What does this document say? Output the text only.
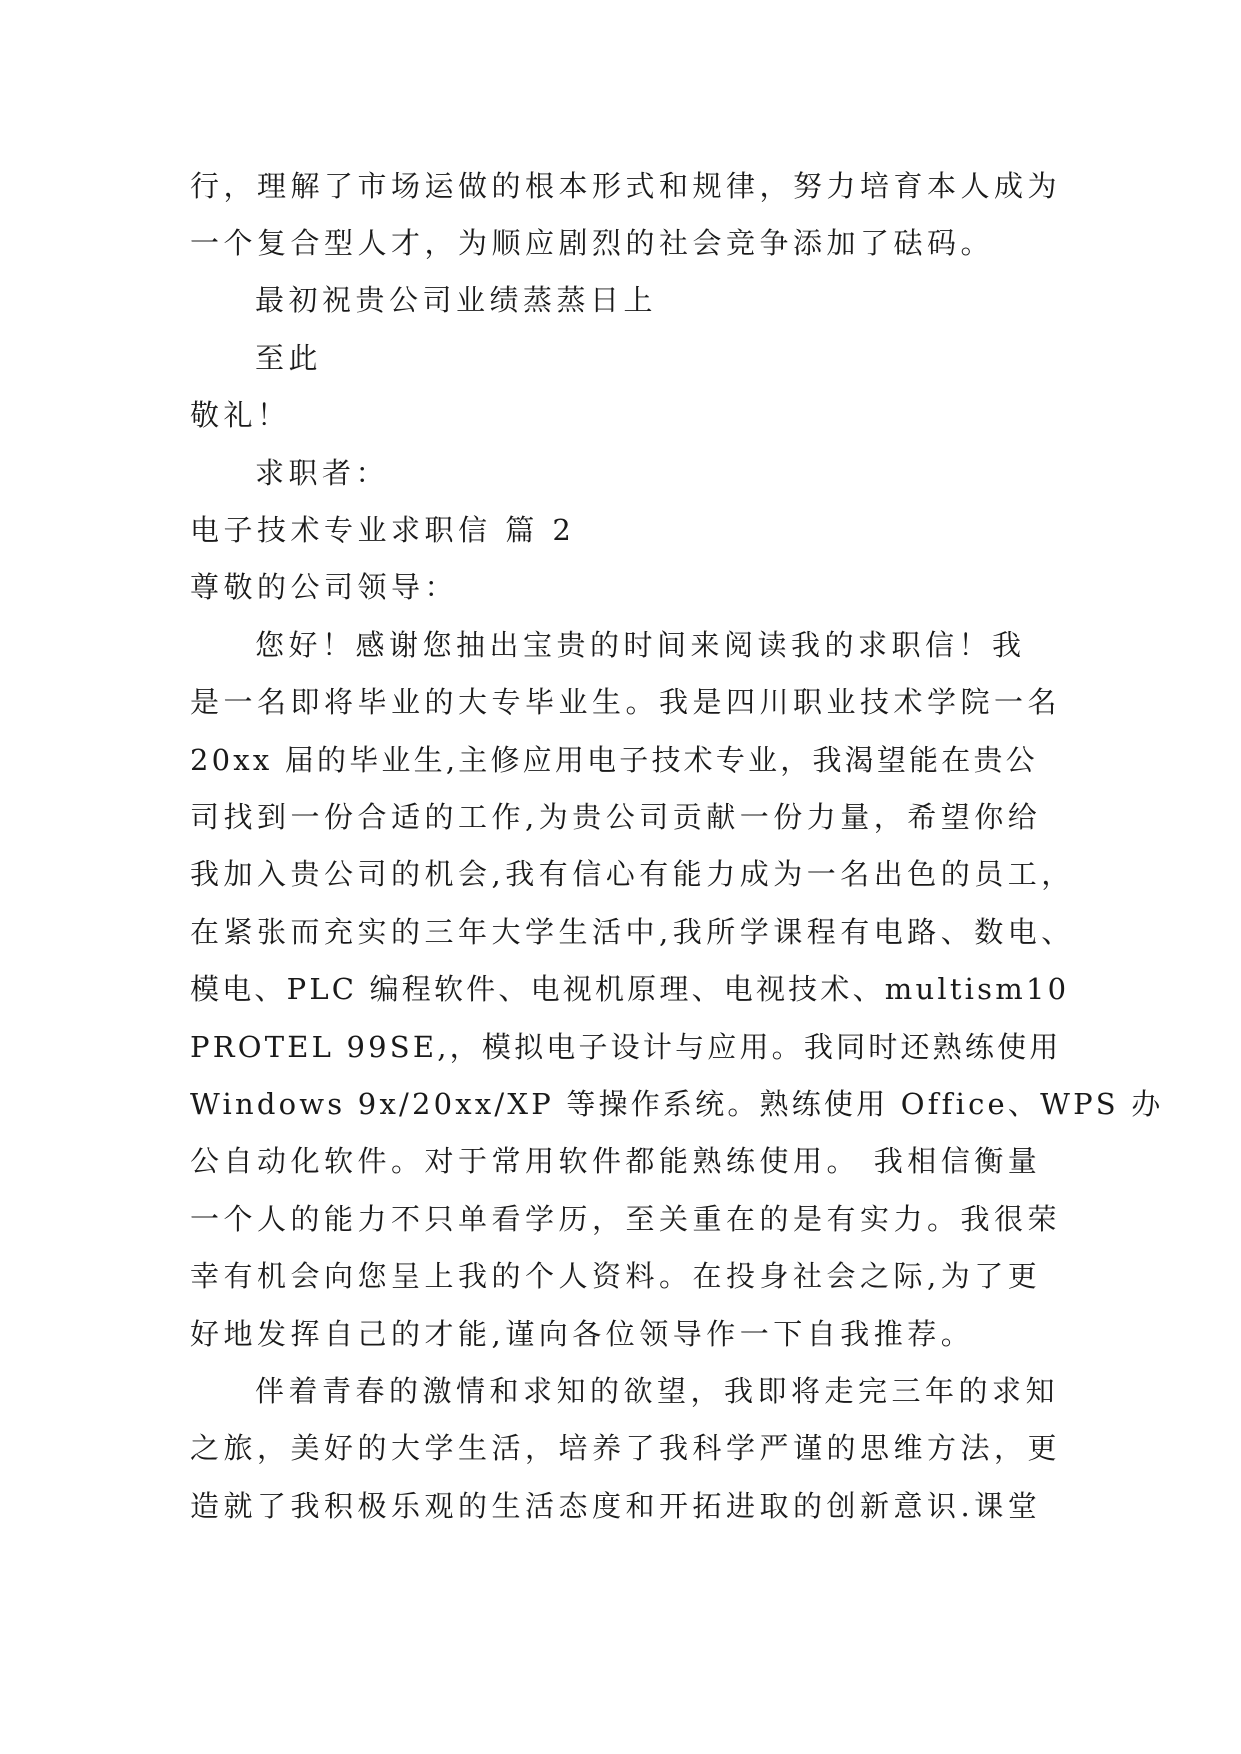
行，理解了市场运做的根本形式和规律，努力培育本人成为

一个复合型人才，为顺应剧烈的社会竞争添加了砝码。

最初祝贵公司业绩蒸蒸日上

至此

敬礼！

求职者：

电子技术专业求职信 篇 2

尊敬的公司领导：

您好！感谢您抽出宝贵的时间来阅读我的求职信！我

是一名即将毕业的大专毕业生。我是四川职业技术学院一名

20xx 届的毕业生,主修应用电子技术专业，我渴望能在贵公

司找到一份合适的工作,为贵公司贡献一份力量，希望你给

我加入贵公司的机会,我有信心有能力成为一名出色的员工，

在紧张而充实的三年大学生活中,我所学课程有电路、数电、

模电、PLC 编程软件、电视机原理、电视技术、multism10

PROTEL 99SE,，模拟电子设计与应用。我同时还熟练使用

Windows 9x/20xx/XP 等操作系统。熟练使用 Office、WPS 办

公自动化软件。对于常用软件都能熟练使用。 我相信衡量

一个人的能力不只单看学历，至关重在的是有实力。我很荣

幸有机会向您呈上我的个人资料。在投身社会之际,为了更

好地发挥自己的才能,谨向各位领导作一下自我推荐。

伴着青春的激情和求知的欲望，我即将走完三年的求知

之旅，美好的大学生活，培养了我科学严谨的思维方法，更

造就了我积极乐观的生活态度和开拓进取的创新意识.课堂
